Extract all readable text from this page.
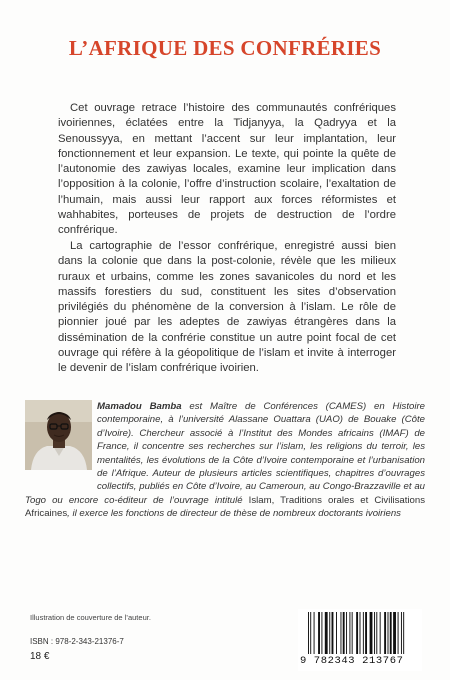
L’AFRIQUE DES CONFRÉRIES

Cet ouvrage retrace l’histoire des communautés confrériques ivoiriennes, éclatées entre la Tidjanyya, la Qadryya et la Senoussyya, en mettant l’accent sur leur implantation, leur fonctionnement et leur expansion. Le texte, qui pointe la quête de l’autonomie des zawiyas locales, examine leur implication dans l’opposition à la colonie, l’offre d’instruction scolaire, l’exaltation de l’humain, mais aussi leur rapport aux forces réformistes et wahhabites, porteuses de projets de destruction de l’ordre confrérique.

La cartographie de l’essor confrérique, enregistré aussi bien dans la colonie que dans la post-colonie, révèle que les milieux ruraux et urbains, comme les zones savanicoles du nord et les massifs forestiers du sud, constituent les sites d’observation privilégiés du phénomène de la conversion à l’islam. Le rôle de pionnier joué par les adeptes de zawiyas étrangères dans la dissémination de la confrérie constitue un autre point focal de cet ouvrage qui réfère à la géopolitique de l’islam et invite à interroger le devenir de l’islam confrérique ivoirien.

Mamadou Bamba est Maître de Conférences (CAMES) en Histoire contemporaine, à l’université Alassane Ouattara (UAO) de Bouake (Côte d’Ivoire). Chercheur associé à l’Institut des Mondes africains (IMAF) de France, il concentre ses recherches sur l’islam, les religions du terroir, les mentalités, les évolutions de la Côte d’Ivoire contemporaine et l’urbanisation de l’Afrique. Auteur de plusieurs articles scientifiques, chapitres d’ouvrages collectifs, publiés en Côte d’Ivoire, au Cameroun, au Congo-Brazzaville et au Togo ou encore co-éditeur de l’ouvrage intitulé Islam, Traditions orales et Civilisations Africaines, il exerce les fonctions de directeur de thèse de nombreux doctorants ivoiriens

Illustration de couverture de l’auteur.

ISBN : 978-2-343-21376-7

18 €	9 782343 213767
